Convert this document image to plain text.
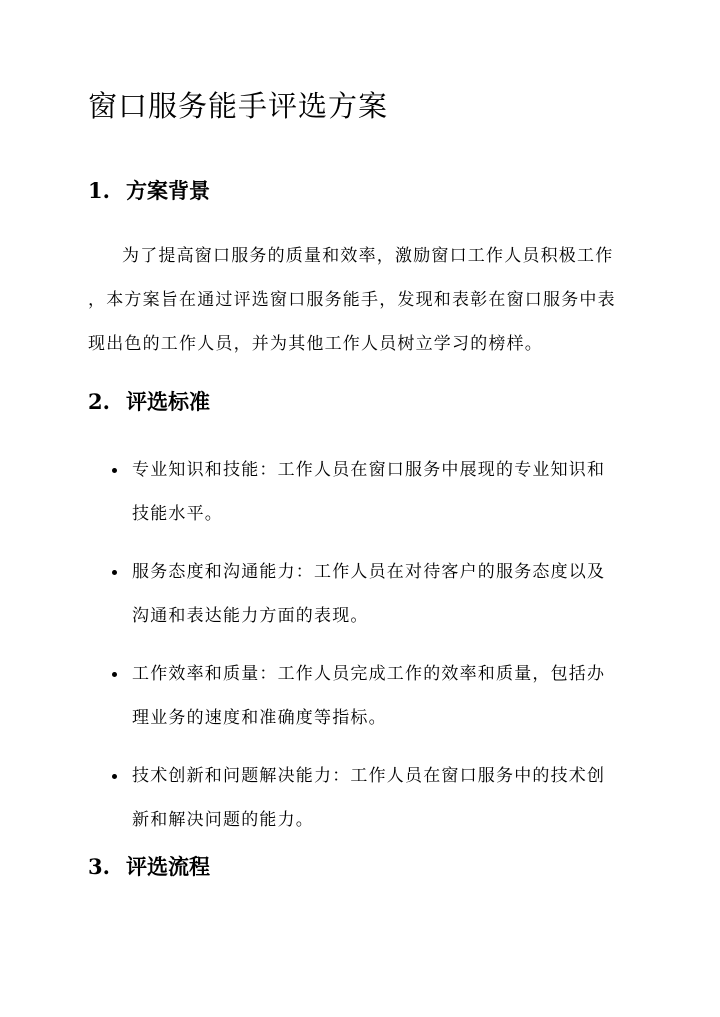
窗口服务能手评选方案
1. 方案背景
为了提高窗口服务的质量和效率，激励窗口工作人员积极工作
，本方案旨在通过评选窗口服务能手，发现和表彰在窗口服务中表
现出色的工作人员，并为其他工作人员树立学习的榜样。
2. 评选标准
专业知识和技能：工作人员在窗口服务中展现的专业知识和
技能水平。
服务态度和沟通能力：工作人员在对待客户的服务态度以及
沟通和表达能力方面的表现。
工作效率和质量：工作人员完成工作的效率和质量，包括办
理业务的速度和准确度等指标。
技术创新和问题解决能力：工作人员在窗口服务中的技术创
新和解决问题的能力。
3. 评选流程
